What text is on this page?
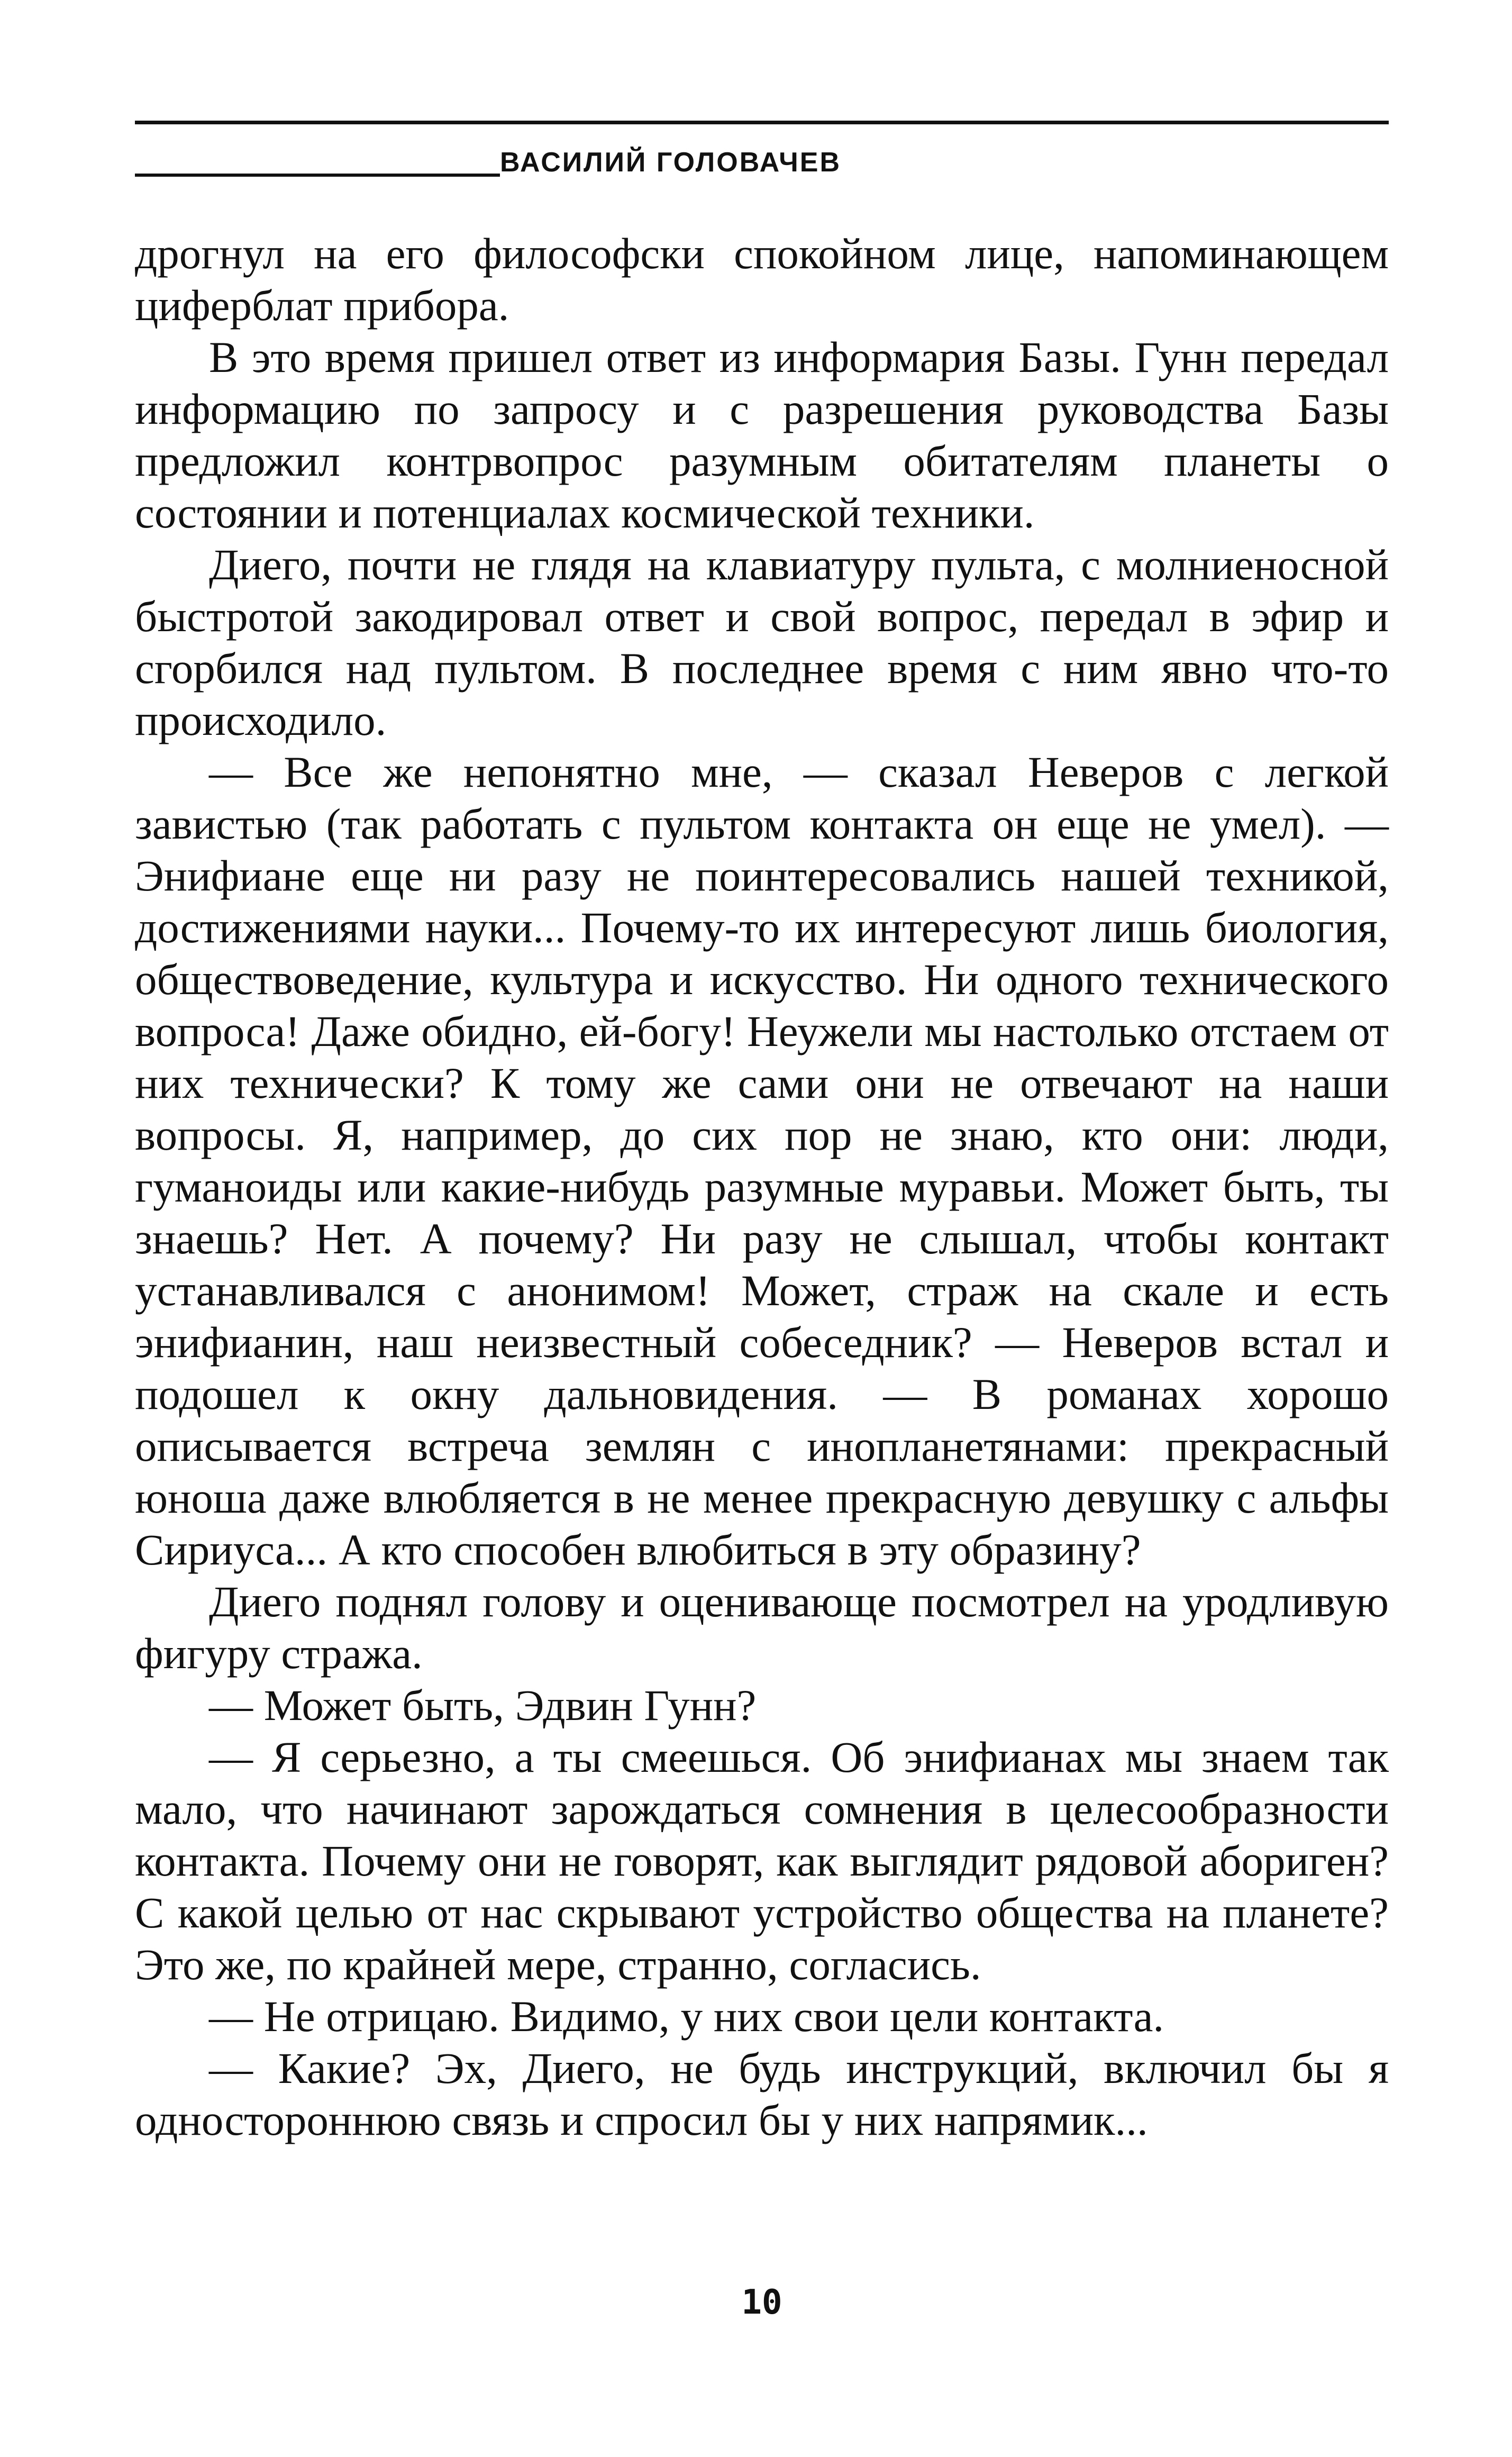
ВАСИЛИЙ ГОЛОВАЧЕВ

дрогнул на его философски спокойном лице, напоминающем циферблат прибора.

В это время пришел ответ из информария Базы. Гунн передал информацию по запросу и с разрешения руководства Базы предложил контрвопрос разумным обитателям планеты о состоянии и потенциалах космической техники.

Диего, почти не глядя на клавиатуру пульта, с молниеносной быстротой закодировал ответ и свой вопрос, передал в эфир и сгорбился над пультом. В последнее время с ним явно что-то происходило.

— Все же непонятно мне, — сказал Неверов с легкой завистью (так работать с пультом контакта он еще не умел). — Энифиане еще ни разу не поинтересовались нашей техникой, достижениями науки... Почему-то их интересуют лишь биология, обществоведение, культура и искусство. Ни одного технического вопроса! Даже обидно, ей-богу! Неужели мы настолько отстаем от них технически? К тому же сами они не отвечают на наши вопросы. Я, например, до сих пор не знаю, кто они: люди, гуманоиды или какие-нибудь разумные муравьи. Может быть, ты знаешь? Нет. А почему? Ни разу не слышал, чтобы контакт устанавливался с анонимом! Может, страж на скале и есть энифианин, наш неизвестный собеседник? — Неверов встал и подошел к окну дальновидения. — В романах хорошо описывается встреча землян с инопланетянами: прекрасный юноша даже влюбляется в не менее прекрасную девушку с альфы Сириуса... А кто способен влюбиться в эту образину?

Диего поднял голову и оценивающе посмотрел на уродливую фигуру стража.

— Может быть, Эдвин Гунн?

— Я серьезно, а ты смеешься. Об энифианах мы знаем так мало, что начинают зарождаться сомнения в целесообразности контакта. Почему они не говорят, как выглядит рядовой абориген? С какой целью от нас скрывают устройство общества на планете? Это же, по крайней мере, странно, согласись.

— Не отрицаю. Видимо, у них свои цели контакта.

— Какие? Эх, Диего, не будь инструкций, включил бы я одностороннюю связь и спросил бы у них напрямик...

10
